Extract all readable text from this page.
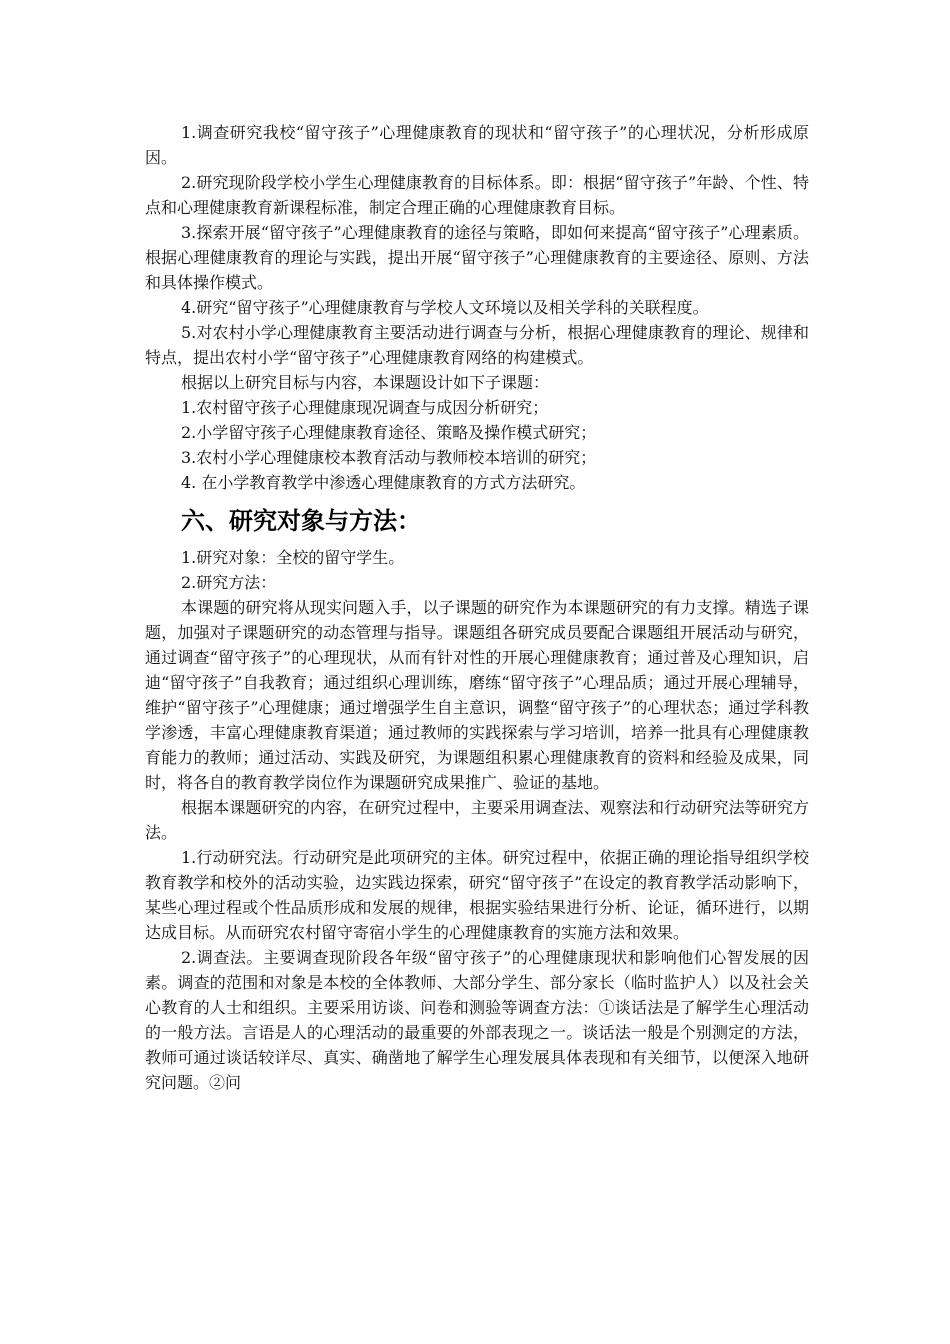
1.调查研究我校“留守孩子”心理健康教育的现状和“留守孩子”的心理状况，分析形成原因。

2.研究现阶段学校小学生心理健康教育的目标体系。即：根据“留守孩子”年龄、个性、特点和心理健康教育新课程标准，制定合理正确的心理健康教育目标。

3.探索开展“留守孩子”心理健康教育的途径与策略，即如何来提高“留守孩子”心理素质。根据心理健康教育的理论与实践，提出开展“留守孩子”心理健康教育的主要途径、原则、方法和具体操作模式。

4.研究“留守孩子”心理健康教育与学校人文环境以及相关学科的关联程度。

5.对农村小学心理健康教育主要活动进行调查与分析，根据心理健康教育的理论、规律和特点，提出农村小学“留守孩子”心理健康教育网络的构建模式。

根据以上研究目标与内容，本课题设计如下子课题：

1.农村留守孩子心理健康现况调查与成因分析研究；

2.小学留守孩子心理健康教育途径、策略及操作模式研究；

3.农村小学心理健康校本教育活动与教师校本培训的研究；

4. 在小学教育教学中渗透心理健康教育的方式方法研究。

六、研究对象与方法：

1.研究对象：全校的留守学生。

2.研究方法：

本课题的研究将从现实问题入手，以子课题的研究作为本课题研究的有力支撑。精选子课题，加强对子课题研究的动态管理与指导。课题组各研究成员要配合课题组开展活动与研究，通过调查“留守孩子”的心理现状，从而有针对性的开展心理健康教育；通过普及心理知识，启迪“留守孩子”自我教育；通过组织心理训练，磨练“留守孩子”心理品质；通过开展心理辅导，维护“留守孩子”心理健康；通过增强学生自主意识，调整“留守孩子”的心理状态；通过学科教学渗透，丰富心理健康教育渠道；通过教师的实践探索与学习培训，培养一批具有心理健康教育能力的教师；通过活动、实践及研究，为课题组积累心理健康教育的资料和经验及成果，同时，将各自的教育教学岗位作为课题研究成果推广、验证的基地。

根据本课题研究的内容，在研究过程中，主要采用调查法、观察法和行动研究法等研究方法。

1.行动研究法。行动研究是此项研究的主体。研究过程中，依据正确的理论指导组织学校教育教学和校外的活动实验，边实践边探索，研究“留守孩子”在设定的教育教学活动影响下，某些心理过程或个性品质形成和发展的规律，根据实验结果进行分析、论证，循环进行，以期达成目标。从而研究农村留守寄宿小学生的心理健康教育的实施方法和效果。

2.调查法。主要调查现阶段各年级“留守孩子”的心理健康现状和影响他们心智发展的因素。调查的范围和对象是本校的全体教师、大部分学生、部分家长（临时监护人）以及社会关心教育的人士和组织。主要采用访谈、问卷和测验等调查方法：①谈话法是了解学生心理活动的一般方法。言语是人的心理活动的最重要的外部表现之一。谈话法一般是个别测定的方法，教师可通过谈话较详尽、真实、确凿地了解学生心理发展具体表现和有关细节，以便深入地研究问题。②问
